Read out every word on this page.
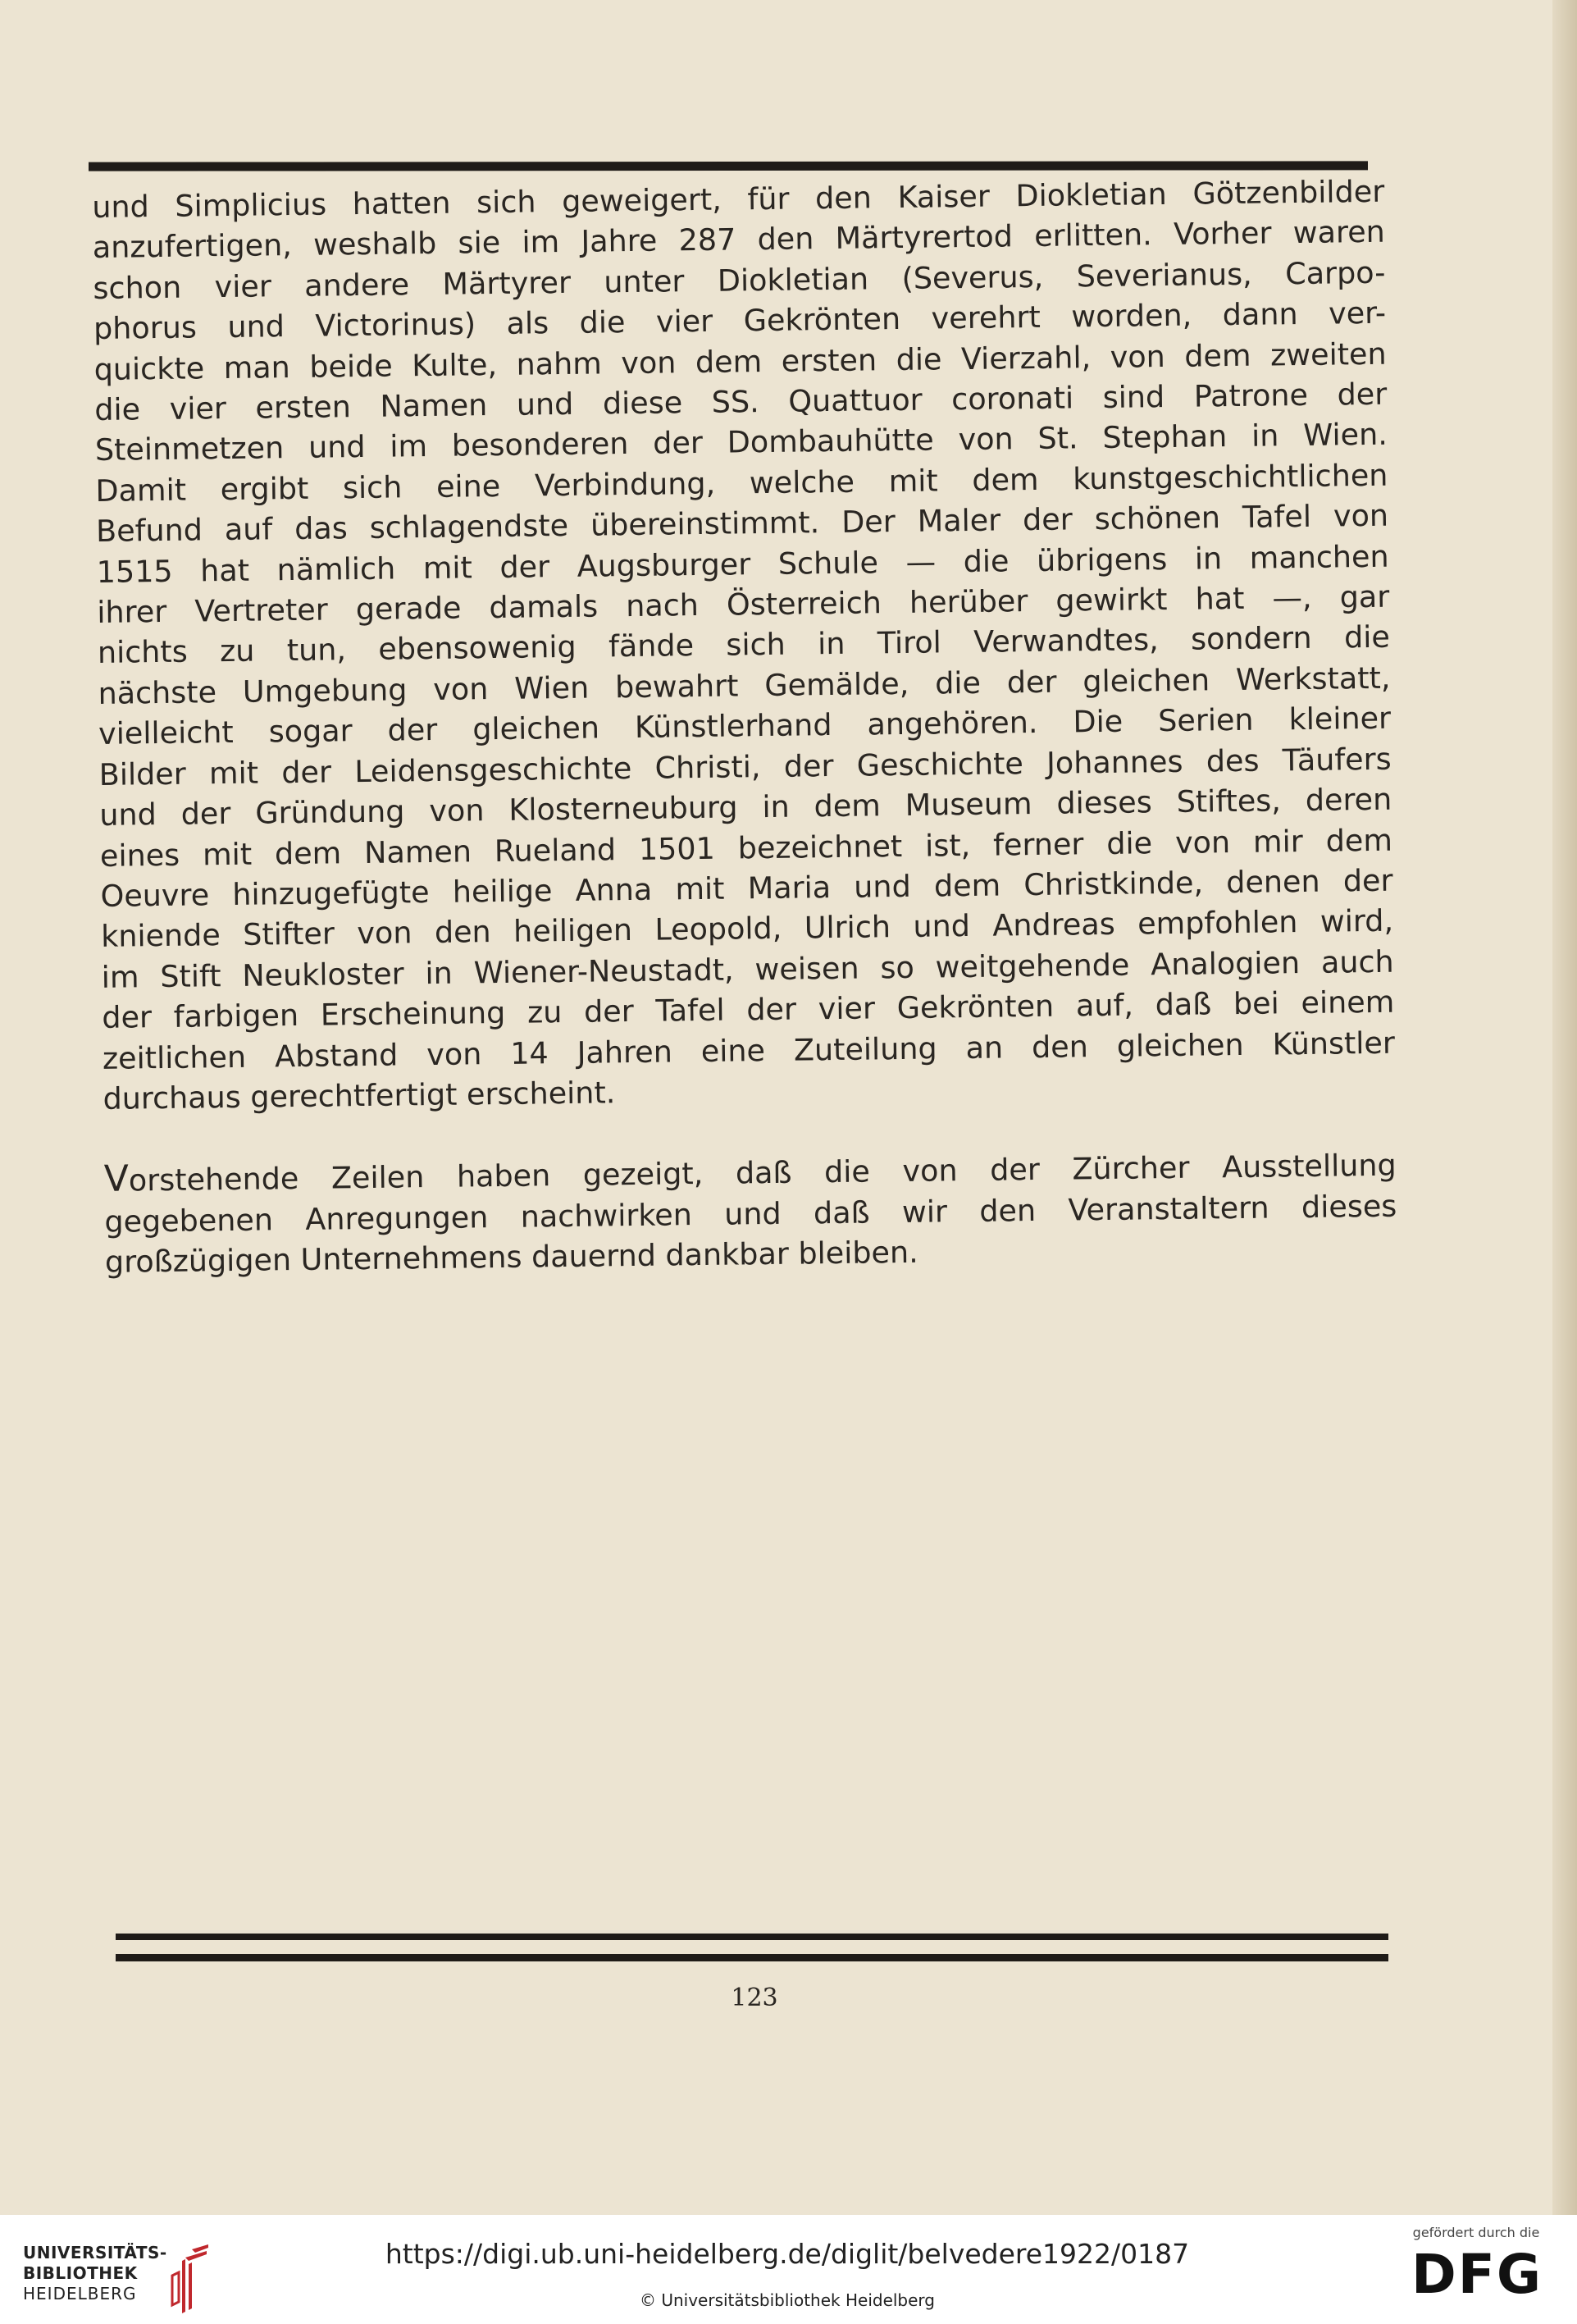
und Simplicius hatten sich geweigert, für den Kaiser Diokletian Götzenbilder
anzufertigen, weshalb sie im Jahre 287 den Märtyrertod erlitten. Vorher waren
schon vier andere Märtyrer unter Diokletian (Severus, Severianus, Carpo-
phorus und Victorinus) als die vier Gekrönten verehrt worden, dann ver-
quickte man beide Kulte, nahm von dem ersten die Vierzahl, von dem zweiten
die vier ersten Namen und diese SS. Quattuor coronati sind Patrone der
Steinmetzen und im besonderen der Dombauhütte von St. Stephan in Wien.
Damit ergibt sich eine Verbindung, welche mit dem kunstgeschichtlichen
Befund auf das schlagendste übereinstimmt. Der Maler der schönen Tafel von
1515 hat nämlich mit der Augsburger Schule — die übrigens in manchen
ihrer Vertreter gerade damals nach Österreich herüber gewirkt hat —, gar
nichts zu tun, ebensowenig fände sich in Tirol Verwandtes, sondern die
nächste Umgebung von Wien bewahrt Gemälde, die der gleichen Werkstatt,
vielleicht sogar der gleichen Künstlerhand angehören. Die Serien kleiner
Bilder mit der Leidensgeschichte Christi, der Geschichte Johannes des Täufers
und der Gründung von Klosterneuburg in dem Museum dieses Stiftes, deren
eines mit dem Namen Rueland 1501 bezeichnet ist, ferner die von mir dem
Oeuvre hinzugefügte heilige Anna mit Maria und dem Christkinde, denen der
kniende Stifter von den heiligen Leopold, Ulrich und Andreas empfohlen wird,
im Stift Neukloster in Wiener-Neustadt, weisen so weitgehende Analogien auch
der farbigen Erscheinung zu der Tafel der vier Gekrönten auf, daß bei einem
zeitlichen Abstand von 14 Jahren eine Zuteilung an den gleichen Künstler
durchaus gerechtfertigt erscheint.
Vorstehende Zeilen haben gezeigt, daß die von der Zürcher Ausstellung
gegebenen Anregungen nachwirken und daß wir den Veranstaltern dieses
großzügigen Unternehmens dauernd dankbar bleiben.
123
UNIVERSITÄTS-
BIBLIOTHEK
HEIDELBERG
https://digi.ub.uni-heidelberg.de/diglit/belvedere1922/0187
© Universitätsbibliothek Heidelberg
gefördert durch die
DFG
